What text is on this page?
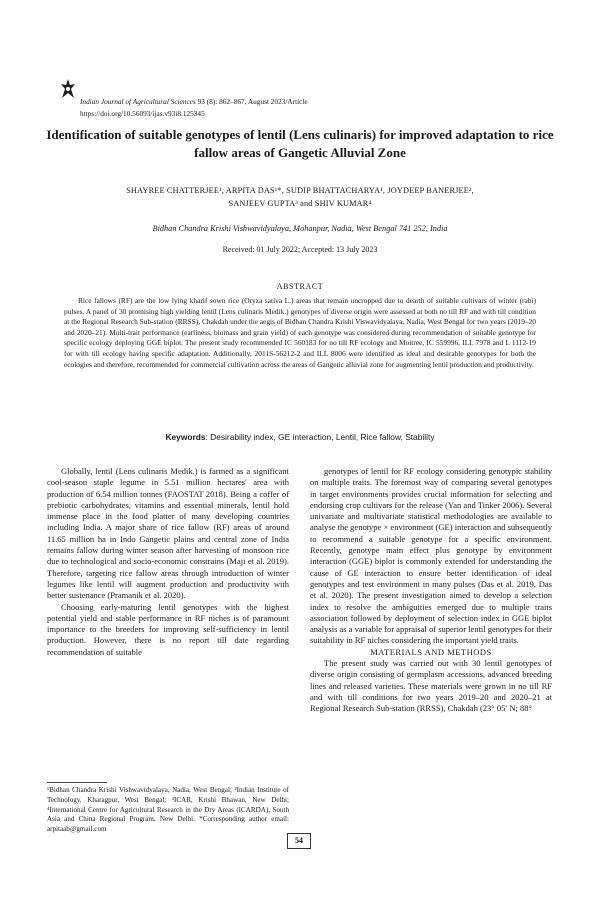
Indian Journal of Agricultural Sciences 93 (8): 862–867, August 2023/Article
https://doi.org/10.56093/ijas.v93i8.125345
Identification of suitable genotypes of lentil (Lens culinaris) for improved adaptation to rice fallow areas of Gangetic Alluvial Zone
SHAYREE CHATTERJEE¹, ARPITA DAS¹*, SUDIP BHATTACHARYA¹, JOYDEEP BANERJEE²,
SANJEEV GUPTA³ and SHIV KUMAR⁴
Bidhan Chandra Krishi Vishwavidyalaya, Mohanpur, Nadia, West Bengal 741 252, India
Received: 01 July 2022; Accepted: 13 July 2023
ABSTRACT

Rice fallows (RF) are the low lying kharif sown rice (Oryza sativa L.) areas that remain uncropped due to dearth of suitable cultivars of winter (rabi) pulses. A panel of 30 promising high yielding lentil (Lens culinaris Medik.) genotypes of diverse origin were assessed at both no till RF and with till condition at the Regional Research Sub-station (RRSS), Chakdah under the aegis of Bidhan Chandra Krishi Viswavidyalaya, Nadia, West Bengal for two years (2019–20 and 2020–21). Multi-trait performance (earliness, biomass and grain yield) of each genotype was considered during recommendation of suitable genotype for specific ecology deploying GGE biplot. The present study recommended IC 560183 for no till RF ecology and Moitree, IC 559996, ILL 7978 and L 1112-19 for with till ecology having specific adaptation. Additionally, 2011S-56212-2 and ILL 8006 were identified as ideal and desirable genotypes for both the ecologies and therefore, recommended for commercial cultivation across the areas of Gangetic alluvial zone for augmenting lentil production and productivity.

Keywords: Desirability index, GE interaction, Lentil, Rice fallow, Stability

Globally, lentil (Lens culinaris Medik.) is farmed as a significant cool-season staple legume in 5.51 million hectares' area with production of 6.54 million tonnes (FAOSTAT 2018). Being a coffer of prebiotic carbohydrates, vitamins and essential minerals, lentil hold immense place in the food platter of many developing countries including India. A major share of rice fallow (RF) areas of around 11.65 million ha in Indo Gangetic plains and central zone of India remains fallow during winter season after harvesting of monsoon rice due to technological and socio-economic constrains (Maji et al. 2019). Therefore, targeting rice fallow areas through introduction of winter legumes like lentil will augment production and productivity with better sustenance (Pramanik et al. 2020).

Choosing early-maturing lentil genotypes with the highest potential yield and stable performance in RF niches is of paramount importance to the breeders for improving self-sufficiency in lentil production. However, there is no report till date regarding recommendation of suitable

genotypes of lentil for RF ecology considering genotypic stability on multiple traits. The foremost way of comparing several genotypes in target environments provides crucial information for selecting and endorsing crop cultivars for the release (Yan and Tinker 2006). Several univariate and multivariate statistical methodologies are available to analyse the genotype × environment (GE) interaction and subsequently to recommend a suitable genotype for a specific environment. Recently, genotype main effect plus genotype by environment interaction (GGE) biplot is commonly extended for understanding the cause of GE interaction to ensure better identification of ideal genotypes and test environment in many pulses (Das et al. 2019, Das et al. 2020). The present investigation aimed to develop a selection index to resolve the ambiguities emerged due to multiple traits association followed by deployment of selection index in GGE biplot analysis as a variable for appraisal of superior lentil genotypes for their suitability in RF niches considering the important yield traits.

MATERIALS AND METHODS

The present study was carried out with 30 lentil genotypes of diverse origin consisting of germplasm accessions, advanced breeding lines and released varieties. These materials were grown in no till RF and with till conditions for two years 2019–20 and 2020–21 at Regional Research Sub-station (RRSS), Chakdah (23° 05′ N; 88°

¹Bidhan Chandra Krishi Vishwavidyalaya, Nadia, West Bengal; ²Indian Institute of Technology, Kharagpur, West Bengal; ³ICAR, Krishi Bhawan, New Delhi; ⁴International Centre for Agricultural Research in the Dry Areas (ICARDA), South Asia and China Regional Program, New Delhi. *Corresponding author email: arpitaab@gmail.com
54
